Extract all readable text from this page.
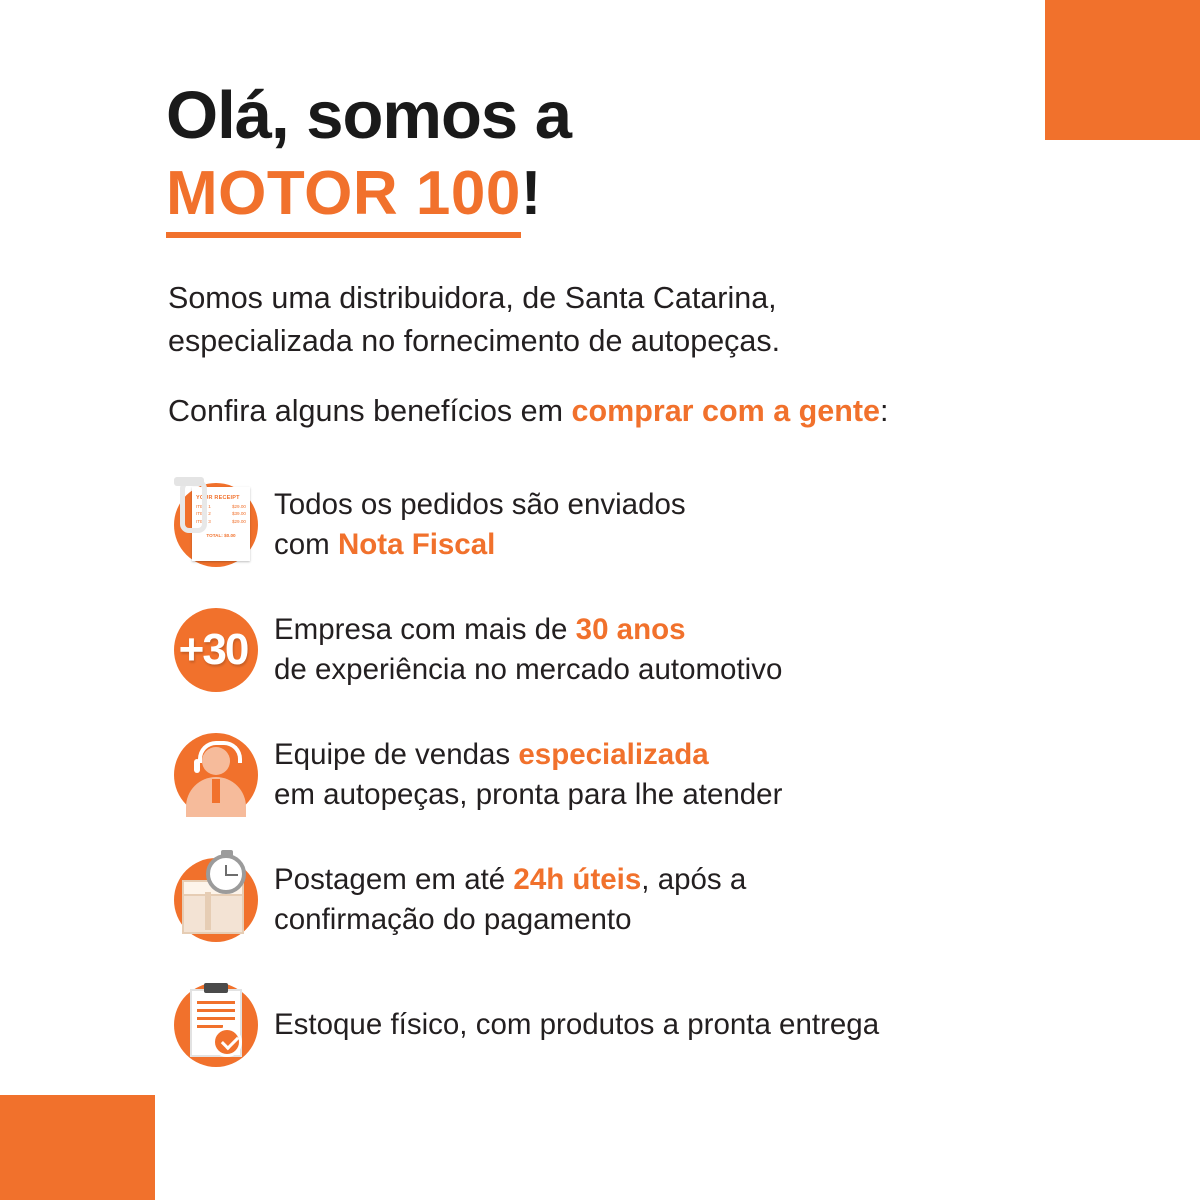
Olá, somos a
MOTOR 100!
Somos uma distribuidora, de Santa Catarina,
especializada no fornecimento de autopeças.
Confira alguns benefícios em comprar com a gente:
YOUR RECEIPT
ITEM 1	$29.00
ITEM 2	$39.00
ITEM 3	$29.00
TOTAL: $0.00
Todos os pedidos são enviados
com Nota Fiscal
+30 Empresa com mais de 30 anos
de experiência no mercado automotivo
Equipe de vendas especializada
em autopeças, pronta para lhe atender
Postagem em até 24h úteis, após a
confirmação do pagamento
Estoque físico, com produtos a pronta entrega
